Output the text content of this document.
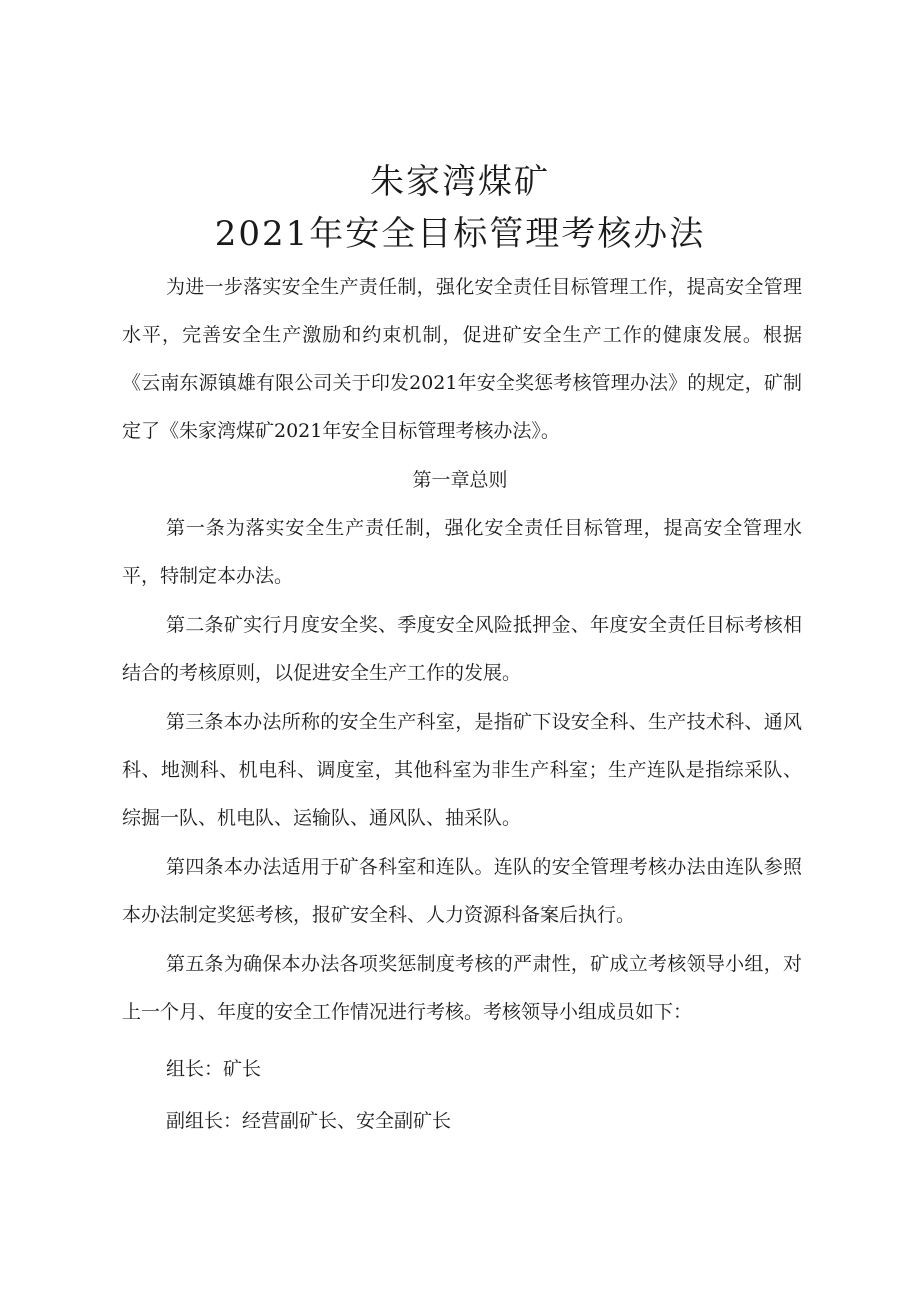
朱家湾煤矿
2021年安全目标管理考核办法

为进一步落实安全生产责任制，强化安全责任目标管理工作，提高安全管理水平，完善安全生产激励和约束机制，促进矿安全生产工作的健康发展。根据《云南东源镇雄有限公司关于印发2021年安全奖惩考核管理办法》的规定，矿制定了《朱家湾煤矿2021年安全目标管理考核办法》。

第一章总则

第一条为落实安全生产责任制，强化安全责任目标管理，提高安全管理水平，特制定本办法。

第二条矿实行月度安全奖、季度安全风险抵押金、年度安全责任目标考核相结合的考核原则，以促进安全生产工作的发展。

第三条本办法所称的安全生产科室，是指矿下设安全科、生产技术科、通风科、地测科、机电科、调度室，其他科室为非生产科室；生产连队是指综采队、综掘一队、机电队、运输队、通风队、抽采队。

第四条本办法适用于矿各科室和连队。连队的安全管理考核办法由连队参照本办法制定奖惩考核，报矿安全科、人力资源科备案后执行。

第五条为确保本办法各项奖惩制度考核的严肃性，矿成立考核领导小组，对上一个月、年度的安全工作情况进行考核。考核领导小组成员如下：

组长：矿长

副组长：经营副矿长、安全副矿长
